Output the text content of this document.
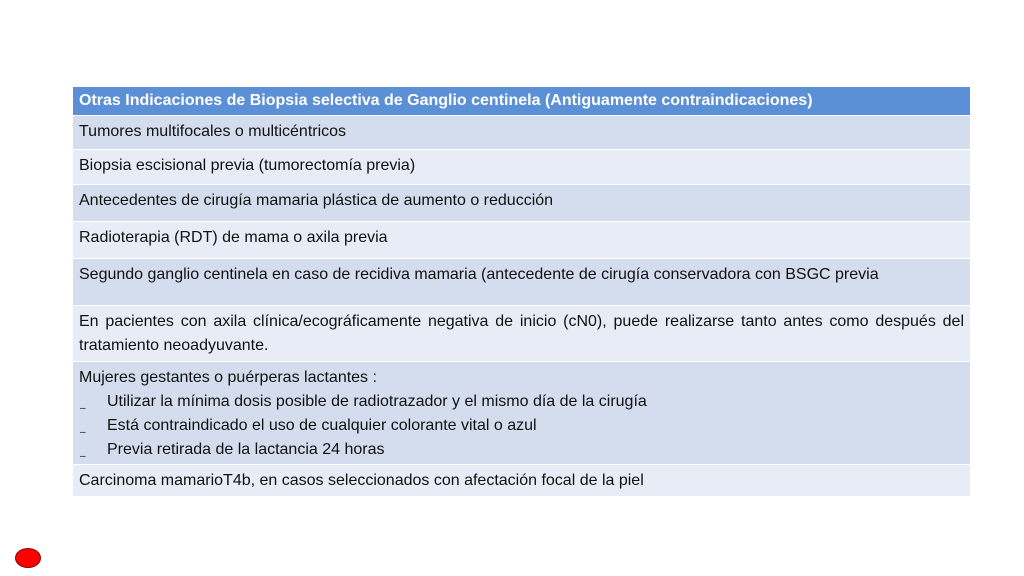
Otras Indicaciones de Biopsia selectiva de Ganglio centinela (Antiguamente contraindicaciones)
Tumores multifocales o multicéntricos
Biopsia escisional previa (tumorectomía previa)
Antecedentes de cirugía mamaria plástica de aumento o reducción
Radioterapia (RDT) de mama o axila previa
Segundo ganglio centinela en caso de recidiva mamaria (antecedente de cirugía conservadora con BSGC previa
En pacientes con axila clínica/ecográficamente negativa de inicio (cN0), puede realizarse tanto antes como después del tratamiento neoadyuvante.
Mujeres gestantes o puérperas lactantes :
– Utilizar la mínima dosis posible de radiotrazador y el mismo día de la cirugía
– Está contraindicado el uso de cualquier colorante vital o azul
– Previa retirada de la lactancia 24 horas
Carcinoma mamarioT4b, en casos seleccionados con afectación focal de la piel
